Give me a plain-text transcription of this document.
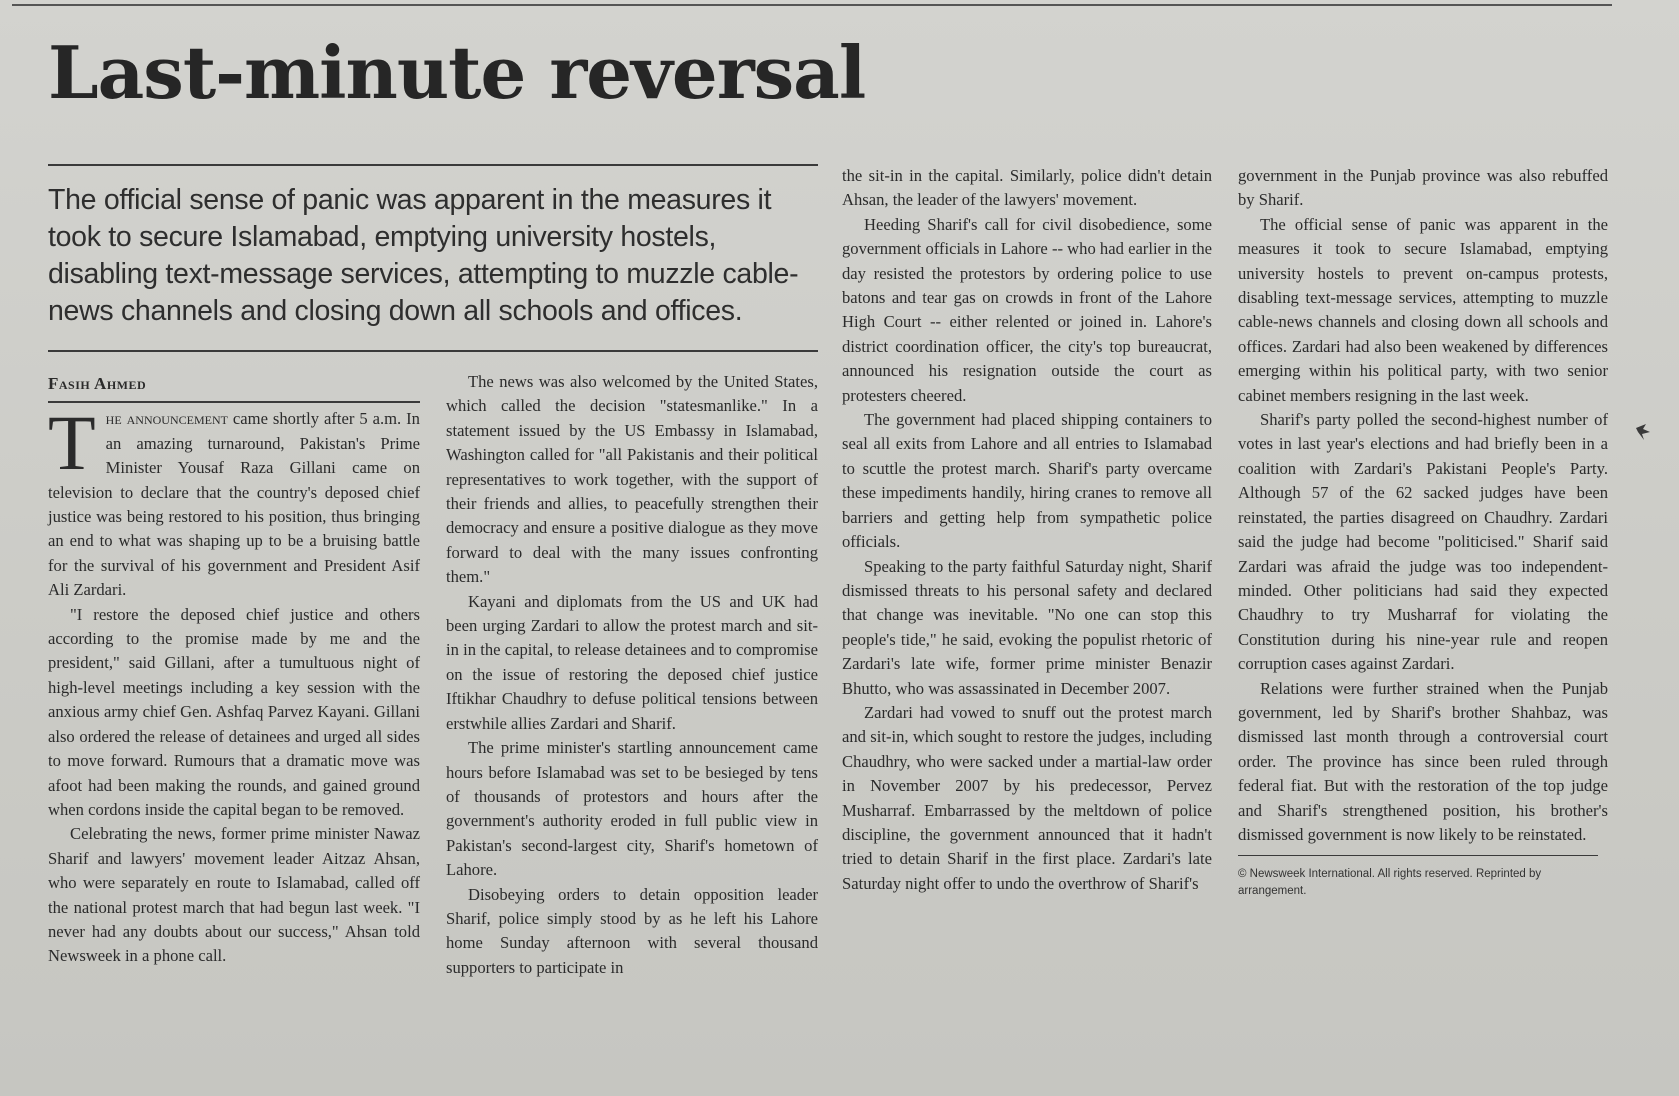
Last-minute reversal

The official sense of panic was apparent in the measures it took to secure Islamabad, emptying university hostels, disabling text-message services, attempting to muzzle cable-news channels and closing down all schools and offices.

Fasih Ahmed

The announcement came shortly after 5 a.m. In an amazing turnaround, Pakistan's Prime Minister Yousaf Raza Gillani came on television to declare that the country's deposed chief justice was being restored to his position, thus bringing an end to what was shaping up to be a bruising battle for the survival of his government and President Asif Ali Zardari.

"I restore the deposed chief justice and others according to the promise made by me and the president," said Gillani, after a tumultuous night of high-level meetings including a key session with the anxious army chief Gen. Ashfaq Parvez Kayani. Gillani also ordered the release of detainees and urged all sides to move forward. Rumours that a dramatic move was afoot had been making the rounds, and gained ground when cordons inside the capital began to be removed.

Celebrating the news, former prime minister Nawaz Sharif and lawyers' movement leader Aitzaz Ahsan, who were separately en route to Islamabad, called off the national protest march that had begun last week. "I never had any doubts about our success," Ahsan told Newsweek in a phone call.

The news was also welcomed by the United States, which called the decision "statesmanlike." In a statement issued by the US Embassy in Islamabad, Washington called for "all Pakistanis and their political representatives to work together, with the support of their friends and allies, to peacefully strengthen their democracy and ensure a positive dialogue as they move forward to deal with the many issues confronting them."

Kayani and diplomats from the US and UK had been urging Zardari to allow the protest march and sit-in in the capital, to release detainees and to compromise on the issue of restoring the deposed chief justice Iftikhar Chaudhry to defuse political tensions between erstwhile allies Zardari and Sharif.

The prime minister's startling announcement came hours before Islamabad was set to be besieged by tens of thousands of protestors and hours after the government's authority eroded in full public view in Pakistan's second-largest city, Sharif's hometown of Lahore.

Disobeying orders to detain opposition leader Sharif, police simply stood by as he left his Lahore home Sunday afternoon with several thousand supporters to participate in

the sit-in in the capital. Similarly, police didn't detain Ahsan, the leader of the lawyers' movement.

Heeding Sharif's call for civil disobedience, some government officials in Lahore -- who had earlier in the day resisted the protestors by ordering police to use batons and tear gas on crowds in front of the Lahore High Court -- either relented or joined in. Lahore's district coordination officer, the city's top bureaucrat, announced his resignation outside the court as protesters cheered.

The government had placed shipping containers to seal all exits from Lahore and all entries to Islamabad to scuttle the protest march. Sharif's party overcame these impediments handily, hiring cranes to remove all barriers and getting help from sympathetic police officials.

Speaking to the party faithful Saturday night, Sharif dismissed threats to his personal safety and declared that change was inevitable. "No one can stop this people's tide," he said, evoking the populist rhetoric of Zardari's late wife, former prime minister Benazir Bhutto, who was assassinated in December 2007.

Zardari had vowed to snuff out the protest march and sit-in, which sought to restore the judges, including Chaudhry, who were sacked under a martial-law order in November 2007 by his predecessor, Pervez Musharraf. Embarrassed by the meltdown of police discipline, the government announced that it hadn't tried to detain Sharif in the first place. Zardari's late Saturday night offer to undo the overthrow of Sharif's

government in the Punjab province was also rebuffed by Sharif.

The official sense of panic was apparent in the measures it took to secure Islamabad, emptying university hostels to prevent on-campus protests, disabling text-message services, attempting to muzzle cable-news channels and closing down all schools and offices. Zardari had also been weakened by differences emerging within his political party, with two senior cabinet members resigning in the last week.

Sharif's party polled the second-highest number of votes in last year's elections and had briefly been in a coalition with Zardari's Pakistani People's Party. Although 57 of the 62 sacked judges have been reinstated, the parties disagreed on Chaudhry. Zardari said the judge had become "politicised." Sharif said Zardari was afraid the judge was too independent-minded. Other politicians had said they expected Chaudhry to try Musharraf for violating the Constitution during his nine-year rule and reopen corruption cases against Zardari.

Relations were further strained when the Punjab government, led by Sharif's brother Shahbaz, was dismissed last month through a controversial court order. The province has since been ruled through federal fiat. But with the restoration of the top judge and Sharif's strengthened position, his brother's dismissed government is now likely to be reinstated.

© Newsweek International. All rights reserved. Reprinted by arrangement.
